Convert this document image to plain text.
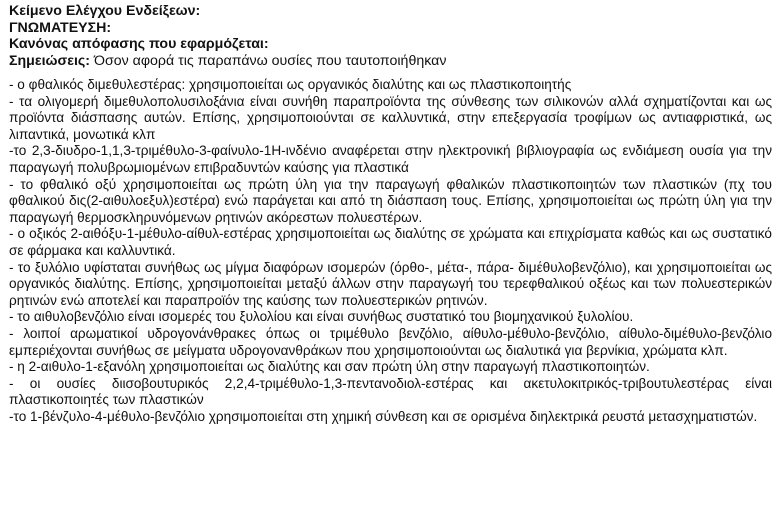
Κείμενο Ελέγχου Ενδείξεων:
ΓΝΩΜΑΤΕΥΣΗ:
Κανόνας απόφασης που εφαρμόζεται:
Σημειώσεις: Όσον αφορά τις παραπάνω ουσίες που ταυτοποιήθηκαν

- ο φθαλικός διμεθυλεστέρας: χρησιμοποιείται ως οργανικός διαλύτης και ως πλαστικοποιητής

- τα ολιγομερή διμεθυλοπολυσιλοξάνια είναι συνήθη παραπροϊόντα της σύνθεσης των σιλικονών αλλά σχηματίζονται και ως προϊόντα διάσπασης αυτών. Επίσης, χρησιμοποιούνται σε καλλυντικά, στην επεξεργασία τροφίμων ως αντιαφριστικά, ως λιπαντικά, μονωτικά κλπ

-το 2,3-διυδρο-1,1,3-τριμέθυλο-3-φαίνυλο-1Η-ινδένιο αναφέρεται στην ηλεκτρονική βιβλιογραφία ως ενδιάμεση ουσία για την παραγωγή πολυβρωμιομένων επιβραδυντών καύσης για πλαστικά

- το φθαλικό οξύ χρησιμοποιείται ως πρώτη ύλη για την παραγωγή φθαλικών πλαστικοποιητών των πλαστικών (πχ του φθαλικού δις(2-αιθυλοεξυλ)εστέρα) ενώ παράγεται και από τη διάσπαση τους. Επίσης, χρησιμοποιείται ως πρώτη ύλη για την παραγωγή θερμοσκληρυνόμενων ρητινών ακόρεστων πολυεστέρων.

- ο οξικός 2-αιθόξυ-1-μέθυλο-αίθυλ-εστέρας χρησιμοποιείται ως διαλύτης σε χρώματα και επιχρίσματα καθώς και ως συστατικό σε φάρμακα και καλλυντικά.

- το ξυλόλιο υφίσταται συνήθως ως μίγμα διαφόρων ισομερών (όρθο-, μέτα-, πάρα- διμέθυλοβενζόλιο), και χρησιμοποιείται ως οργανικός διαλύτης. Επίσης, χρησιμοποιείται μεταξύ άλλων στην παραγωγή του τερεφθαλικού οξέως και των πολυεστερικών ρητινών ενώ αποτελεί και παραπροϊόν της καύσης των πολυεστερικών ρητινών.

- το αιθυλοβενζόλιο είναι ισομερές του ξυλολίου και είναι συνήθως συστατικό του βιομηχανικού ξυλολίου.

- λοιποί αρωματικοί υδρογονάνθρακες όπως οι τριμέθυλο βενζόλιο, αίθυλο-μέθυλο-βενζόλιο, αίθυλο-διμέθυλο-βενζόλιο εμπεριέχονται συνήθως σε μείγματα υδρογονανθράκων που χρησιμοποιούνται ως διαλυτικά για βερνίκια, χρώματα κλπ.

- η 2-αιθυλο-1-εξανόλη χρησιμοποιείται ως διαλύτης και σαν πρώτη ύλη στην παραγωγή πλαστικοποιητών.

- οι ουσίες διισοβουτυρικός 2,2,4-τριμέθυλο-1,3-πεντανοδιολ-εστέρας και ακετυλοκιτρικός-τριβουτυλεστέρας είναι πλαστικοποιητές των πλαστικών

-το 1-βένζυλο-4-μέθυλο-βενζόλιο χρησιμοποιείται στη χημική σύνθεση και σε ορισμένα διηλεκτρικά ρευστά μετασχηματιστών.
